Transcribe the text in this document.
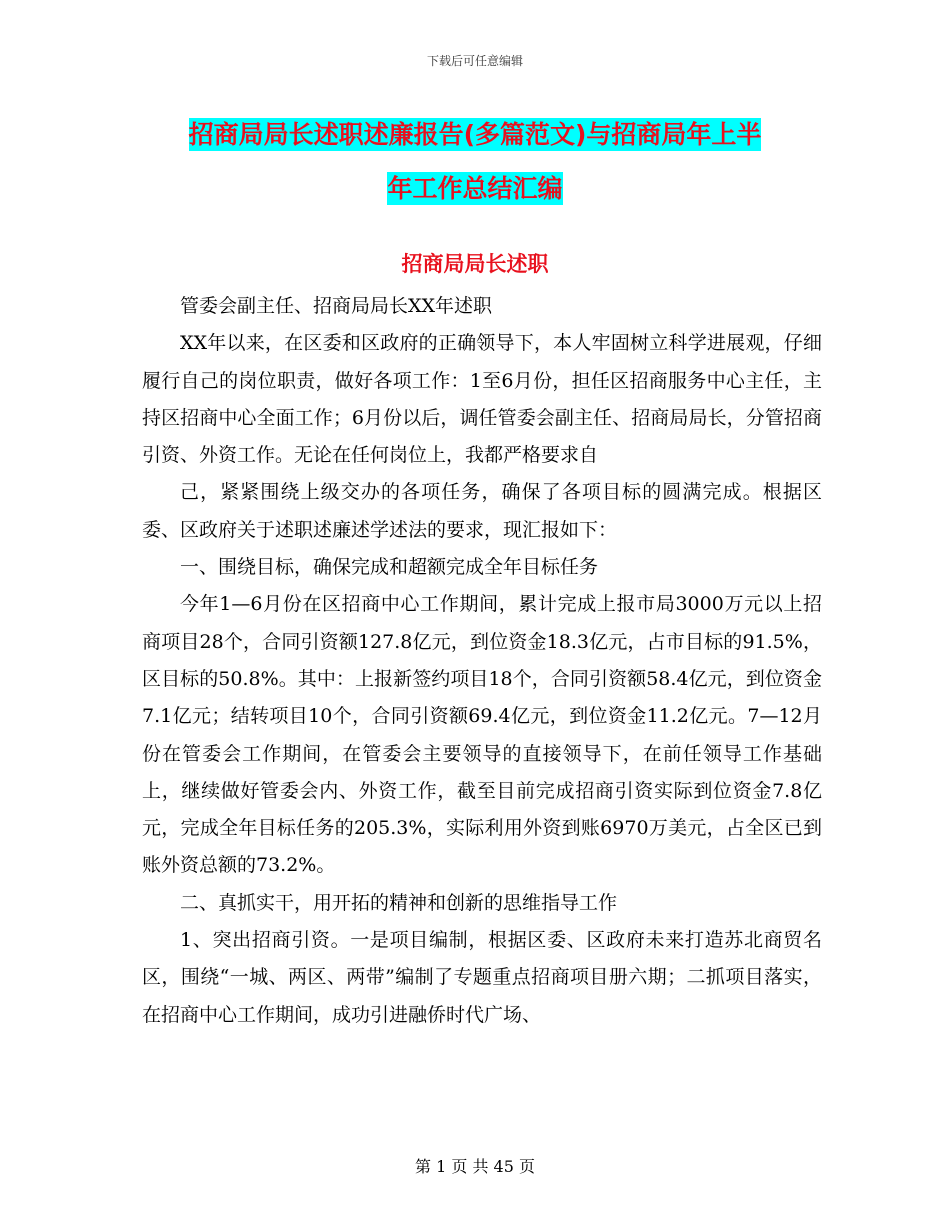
下载后可任意编辑
招商局局长述职述廉报告(多篇范文)与招商局年上半
年工作总结汇编
招商局局长述职

管委会副主任、招商局局长XX年述职

XX年以来，在区委和区政府的正确领导下，本人牢固树立科学进展观，仔细履行自己的岗位职责，做好各项工作：1至6月份，担任区招商服务中心主任，主持区招商中心全面工作；6月份以后，调任管委会副主任、招商局局长，分管招商引资、外资工作。无论在任何岗位上，我都严格要求自

己，紧紧围绕上级交办的各项任务，确保了各项目标的圆满完成。根据区委、区政府关于述职述廉述学述法的要求，现汇报如下：

一、围绕目标，确保完成和超额完成全年目标任务

今年1—6月份在区招商中心工作期间，累计完成上报市局3000万元以上招商项目28个，合同引资额127.8亿元，到位资金18.3亿元，占市目标的91.5%，区目标的50.8%。其中：上报新签约项目18个，合同引资额58.4亿元，到位资金7.1亿元；结转项目10个，合同引资额69.4亿元，到位资金11.2亿元。7—12月份在管委会工作期间，在管委会主要领导的直接领导下，在前任领导工作基础上，继续做好管委会内、外资工作，截至目前完成招商引资实际到位资金7.8亿元，完成全年目标任务的205.3%，实际利用外资到账6970万美元，占全区已到账外资总额的73.2%。

二、真抓实干，用开拓的精神和创新的思维指导工作

1、突出招商引资。一是项目编制，根据区委、区政府未来打造苏北商贸名区，围绕“一城、两区、两带”编制了专题重点招商项目册六期；二抓项目落实，在招商中心工作期间，成功引进融侨时代广场、

第 1 页 共 45 页
